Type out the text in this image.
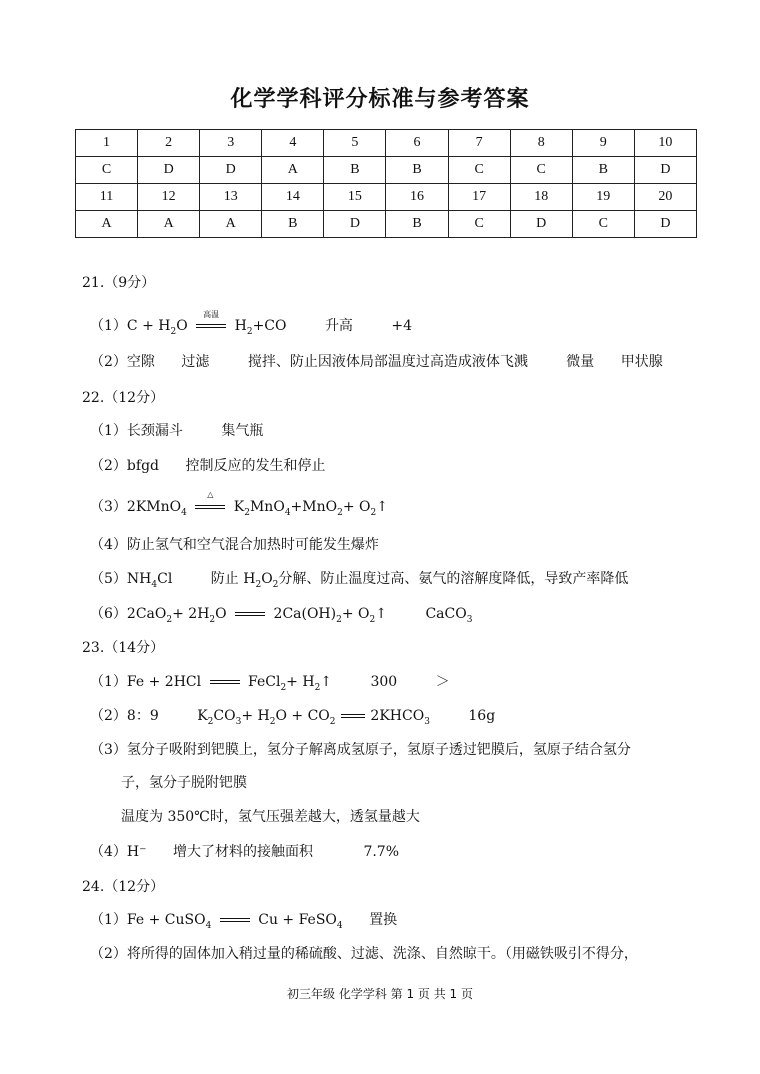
化学学科评分标准与参考答案
1	2	3	4	5	6	7	8	9	10
C	D	D	A	B	B	C	C	B	D
11	12	13	14	15	16	17	18	19	20
A	A	A	B	D	B	C	D	C	D
21.（9分）
$(1)C + H_2O$
高温
$H_2+CO$	升高	+4
（2）空隙 过滤	搅拌、防止因液体局部温度过高造成液体飞溅	微量 甲状腺
22.（12分）
（1）长颈漏斗	集气瓶
（2）bfgd 控制反应的发生和停止
（3）2KMnO$_4$
△
$K_2MnO_4+MnO_2+$ $O_2↑$
（4）防止氢气和空气混合加热时可能发生爆炸
$(5)NH_4Cl$	防止 $H_2O_2$分解、防止温度过高、氨气的溶解度降低，导致产率降低
$(6)2CaO_2+ 2H_2O$	$2Ca(OH)_2+$ $O_2↑$	CaCO$_3$
23.（14分）
（1）Fe + 2HCl	FeCl$_2$+ $H_2↑$	300	＞
（2）8：9	$K_2CO_3+ H_2O + CO_2$ $2KHCO_3$	16g
（3）氢分子吸附到钯膜上，氢分子解离成氢原子，氢原子透过钯膜后，氢原子结合氢分
子，氢分子脱附钯膜
温度为 350℃时，氢气压强差越大，透氢量越大
（4）H⁻ 增大了材料的接触面积	7.7%
24.（12分）
（1）Fe + CuSO$_4$	Cu + FeSO$_4$ 置换
（2）将所得的固体加入稍过量的稀硫酸、过滤、洗涤、自然晾干。（用磁铁吸引不得分，
初三年级 化学学科 第 1 页 共 1 页
